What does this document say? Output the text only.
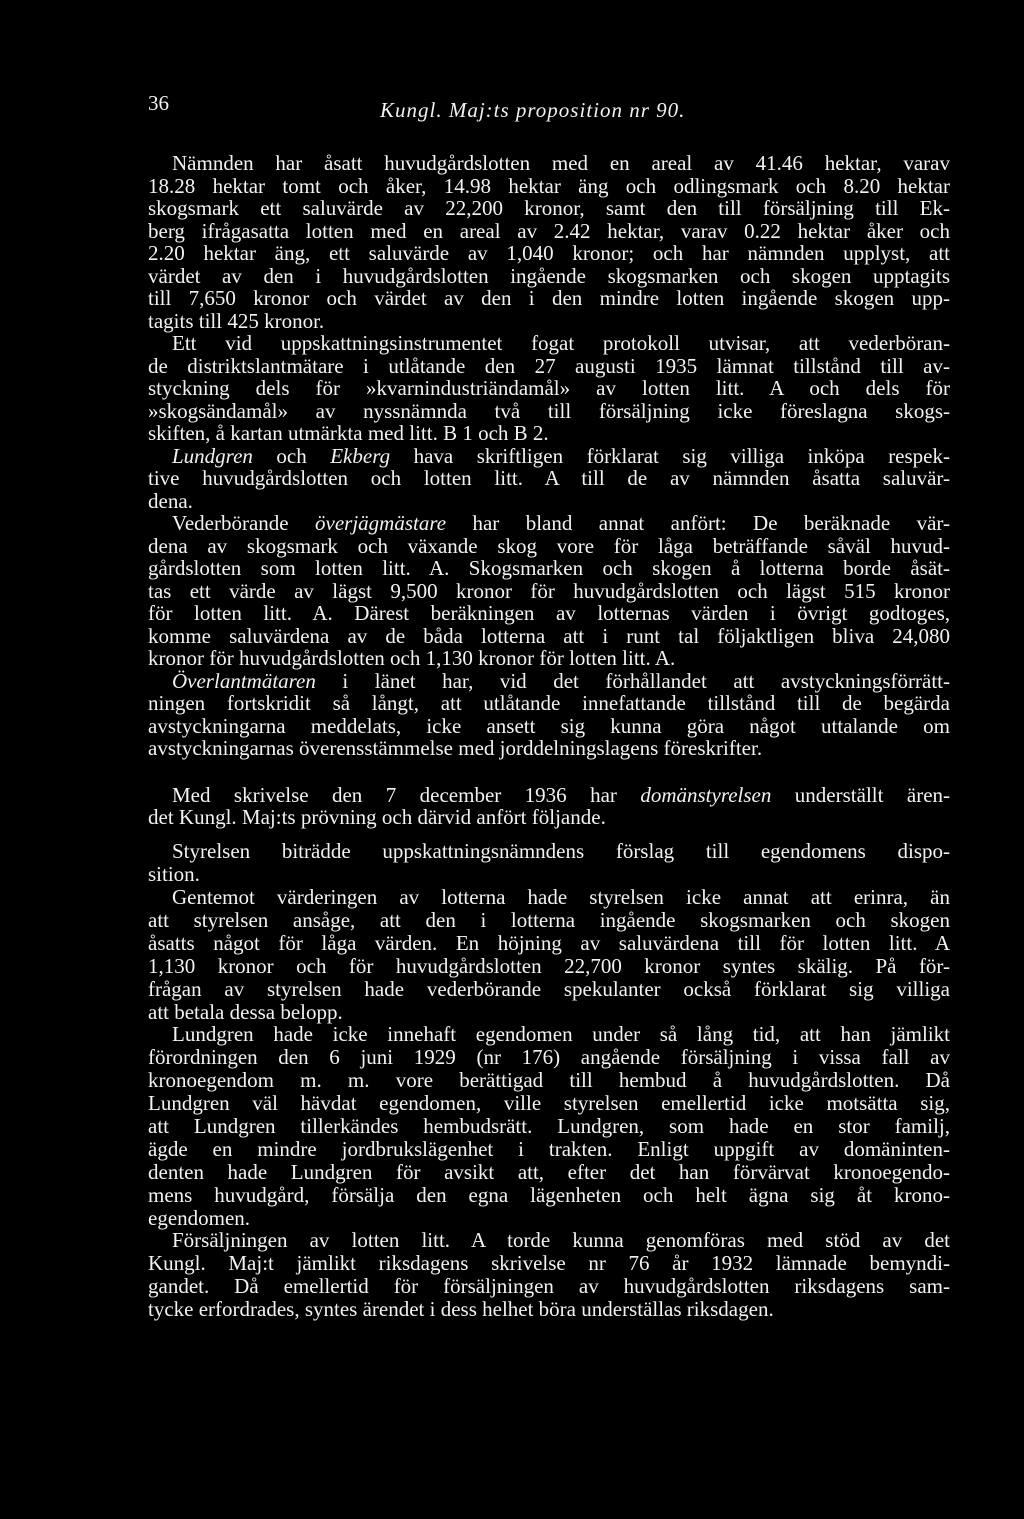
36	Kungl. Maj:ts proposition nr 90.
Nämnden har åsatt huvudgårdslotten med en areal av 41.46 hektar, varav
18.28 hektar tomt och åker, 14.98 hektar äng och odlingsmark och 8.20 hektar
skogsmark ett saluvärde av 22,200 kronor, samt den till försäljning till Ek-
berg ifrågasatta lotten med en areal av 2.42 hektar, varav 0.22 hektar åker och
2.20 hektar äng, ett saluvärde av 1,040 kronor; och har nämnden upplyst, att
värdet av den i huvudgårdslotten ingående skogsmarken och skogen upptagits
till 7,650 kronor och värdet av den i den mindre lotten ingående skogen upp-
tagits till 425 kronor.
Ett vid uppskattningsinstrumentet fogat protokoll utvisar, att vederböran-
de distriktslantmätare i utlåtande den 27 augusti 1935 lämnat tillstånd till av-
styckning dels för »kvarnindustriändamål» av lotten litt. A och dels för
»skogsändamål» av nyssnämnda två till försäljning icke föreslagna skogs-
skiften, å kartan utmärkta med litt. B 1 och B 2.
Lundgren och Ekberg hava skriftligen förklarat sig villiga inköpa respek-
tive huvudgårdslotten och lotten litt. A till de av nämnden åsatta saluvär-
dena.
Vederbörande överjägmästare har bland annat anfört: De beräknade vär-
dena av skogsmark och växande skog vore för låga beträffande såväl huvud-
gårdslotten som lotten litt. A. Skogsmarken och skogen å lotterna borde åsät-
tas ett värde av lägst 9,500 kronor för huvudgårdslotten och lägst 515 kronor
för lotten litt. A. Därest beräkningen av lotternas värden i övrigt godtoges,
komme saluvärdena av de båda lotterna att i runt tal följaktligen bliva 24,080
kronor för huvudgårdslotten och 1,130 kronor för lotten litt. A.
Överlantmätaren i länet har, vid det förhållandet att avstyckningsförrätt-
ningen fortskridit så långt, att utlåtande innefattande tillstånd till de begärda
avstyckningarna meddelats, icke ansett sig kunna göra något uttalande om
avstyckningarnas överensstämmelse med jorddelningslagens föreskrifter.
Med skrivelse den 7 december 1936 har domänstyrelsen underställt ären-
det Kungl. Maj:ts prövning och därvid anfört följande.
Styrelsen biträdde uppskattningsnämndens förslag till egendomens dispo-
sition.
Gentemot värderingen av lotterna hade styrelsen icke annat att erinra, än
att styrelsen ansåge, att den i lotterna ingående skogsmarken och skogen
åsatts något för låga värden. En höjning av saluvärdena till för lotten litt. A
1,130 kronor och för huvudgårdslotten 22,700 kronor syntes skälig. På för-
frågan av styrelsen hade vederbörande spekulanter också förklarat sig villiga
att betala dessa belopp.
Lundgren hade icke innehaft egendomen under så lång tid, att han jämlikt
förordningen den 6 juni 1929 (nr 176) angående försäljning i vissa fall av
kronoegendom m. m. vore berättigad till hembud å huvudgårdslotten. Då
Lundgren väl hävdat egendomen, ville styrelsen emellertid icke motsätta sig,
att Lundgren tillerkändes hembudsrätt. Lundgren, som hade en stor familj,
ägde en mindre jordbrukslägenhet i trakten. Enligt uppgift av domäninten-
denten hade Lundgren för avsikt att, efter det han förvärvat kronoegendo-
mens huvudgård, försälja den egna lägenheten och helt ägna sig åt krono-
egendomen.
Försäljningen av lotten litt. A torde kunna genomföras med stöd av det
Kungl. Maj:t jämlikt riksdagens skrivelse nr 76 år 1932 lämnade bemyndi-
gandet. Då emellertid för försäljningen av huvudgårdslotten riksdagens sam-
tycke erfordrades, syntes ärendet i dess helhet böra underställas riksdagen.
